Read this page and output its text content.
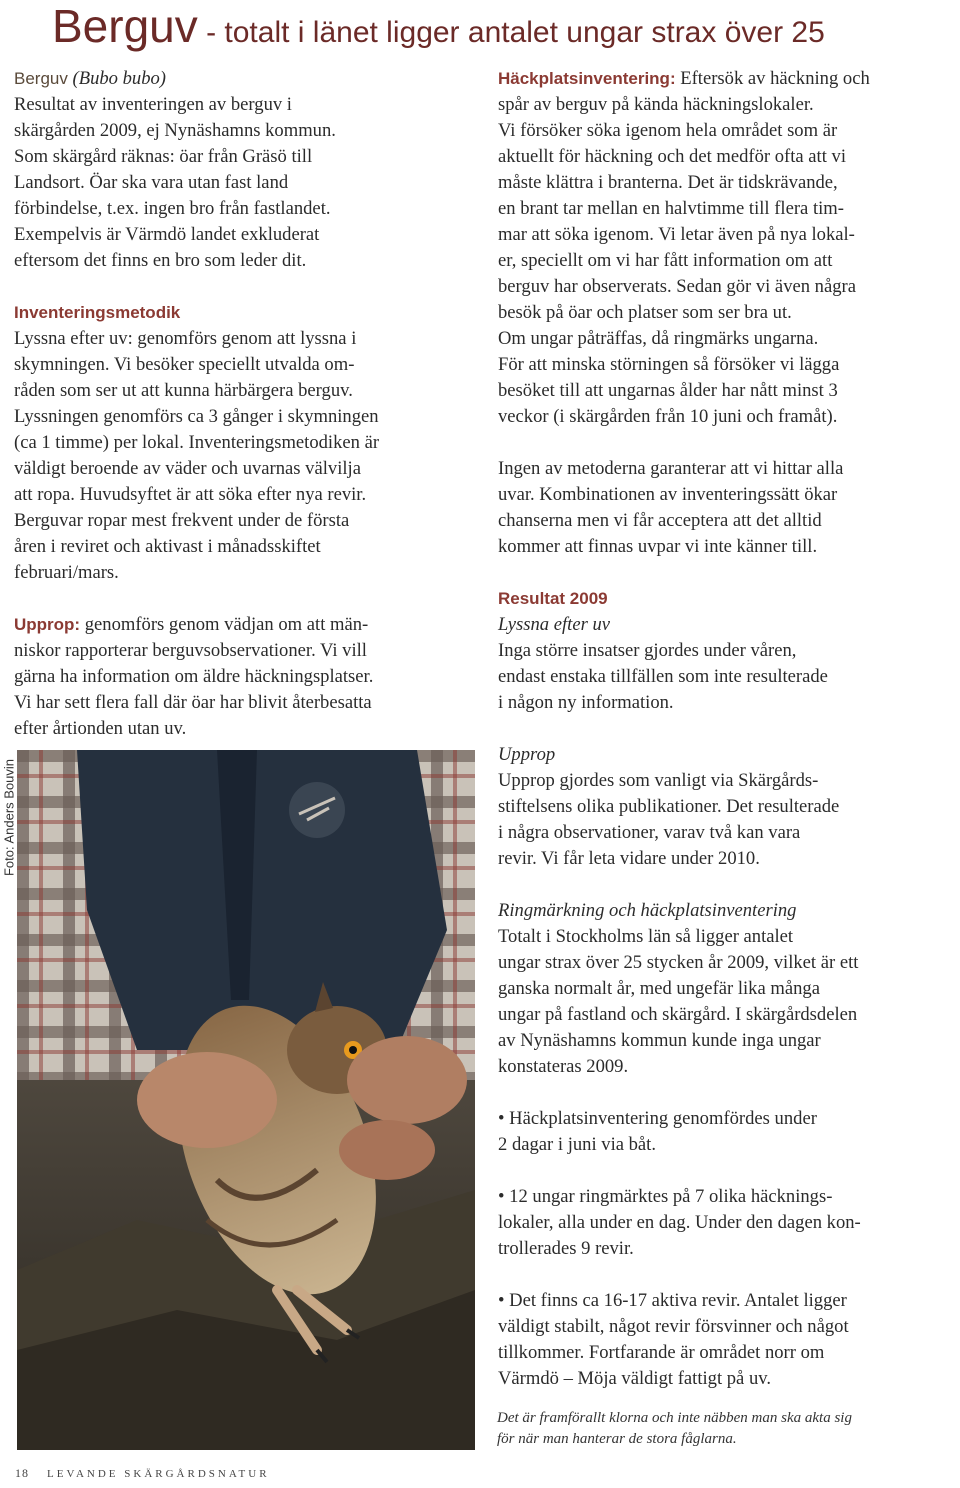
Berguv - totalt i länet ligger antalet ungar strax över 25

Berguv (Bubo bubo)

Resultat av inventeringen av berguv i

skärgården 2009, ej Nynäshamns kommun.

Som skärgård räknas: öar från Gräsö till

Landsort. Öar ska vara utan fast land

förbindelse, t.ex. ingen bro från fastlandet.

Exempelvis är Värmdö landet exkluderat

eftersom det finns en bro som leder dit.

Inventeringsmetodik

Lyssna efter uv: genomförs genom att lyssna i

skymningen. Vi besöker speciellt utvalda om-

råden som ser ut att kunna härbärgera berguv.

Lyssningen genomförs ca 3 gånger i skymningen

(ca 1 timme) per lokal. Inventeringsmetodiken är

väldigt beroende av väder och uvarnas välvilja

att ropa. Huvudsyftet är att söka efter nya revir.

Berguvar ropar mest frekvent under de första

åren i reviret och aktivast i månadsskiftet

februari/mars.

Upprop: genomförs genom vädjan om att män-

niskor rapporterar berguvsobservationer. Vi vill

gärna ha information om äldre häckningsplatser.

Vi har sett flera fall där öar har blivit återbesatta

efter årtionden utan uv.

Foto: Anders Bouvin

Häckplatsinventering: Eftersök av häckning och

spår av berguv på kända häckningslokaler.

Vi försöker söka igenom hela området som är

aktuellt för häckning och det medför ofta att vi

måste klättra i branterna. Det är tidskrävande,

en brant tar mellan en halvtimme till flera tim-

mar att söka igenom. Vi letar även på nya lokal-

er, speciellt om vi har fått information om att

berguv har observerats. Sedan gör vi även några

besök på öar och platser som ser bra ut.

Om ungar påträffas, då ringmärks ungarna.

För att minska störningen så försöker vi lägga

besöket till att ungarnas ålder har nått minst 3

veckor (i skärgården från 10 juni och framåt).

Ingen av metoderna garanterar att vi hittar alla

uvar. Kombinationen av inventeringssätt ökar

chanserna men vi får acceptera att det alltid

kommer att finnas uvpar vi inte känner till.

Resultat 2009

Lyssna efter uv

Inga större insatser gjordes under våren,

endast enstaka tillfällen som inte resulterade

i någon ny information.

Upprop

Upprop gjordes som vanligt via Skärgårds-

stiftelsens olika publikationer. Det resulterade

i några observationer, varav två kan vara

revir. Vi får leta vidare under 2010.

Ringmärkning och häckplatsinventering

Totalt i Stockholms län så ligger antalet

ungar strax över 25 stycken år 2009, vilket är ett

ganska normalt år, med ungefär lika många

ungar på fastland och skärgård. I skärgårdsdelen

av Nynäshamns kommun kunde inga ungar

konstateras 2009.

• Häckplatsinventering genomfördes under

2 dagar i juni via båt.

• 12 ungar ringmärktes på 7 olika häcknings-

lokaler, alla under en dag. Under den dagen kon-

trollerades 9 revir.

• Det finns ca 16-17 aktiva revir. Antalet ligger

väldigt stabilt, något revir försvinner och något

tillkommer. Fortfarande är området norr om

Värmdö – Möja väldigt fattigt på uv.

Det är framförallt klorna och inte näbben man ska akta sig
för när man hanterar de stora fåglarna.
18 LEVANDE SKÄRGÅRDSNATUR
